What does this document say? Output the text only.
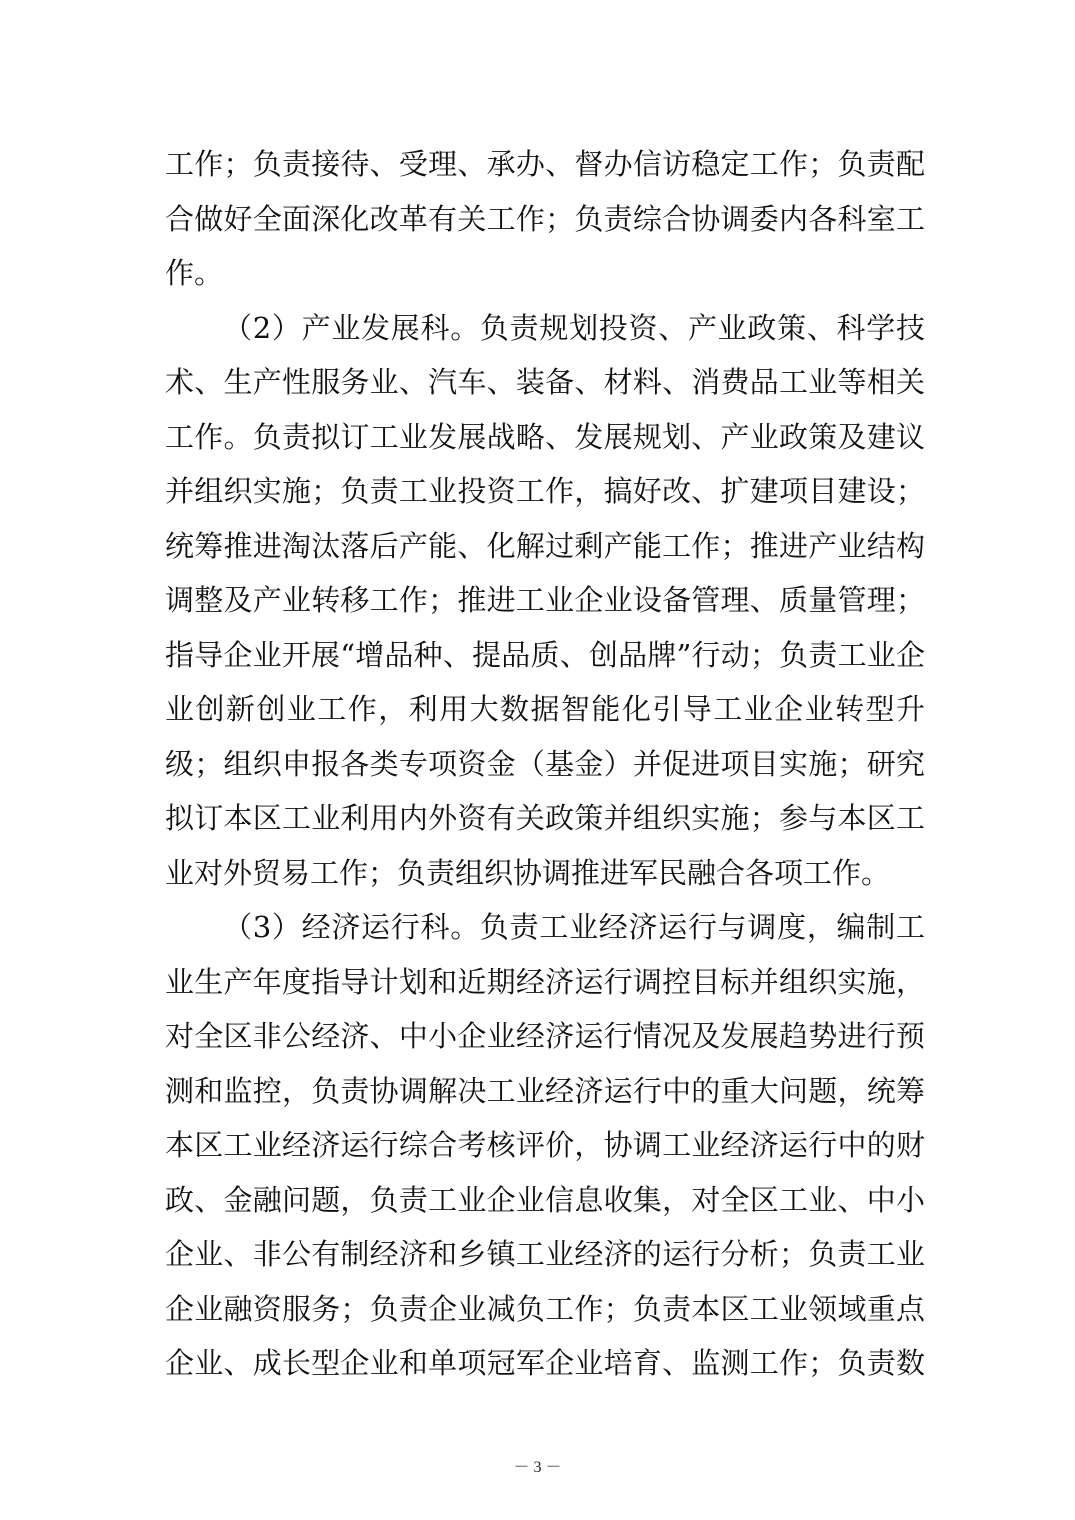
工作；负责接待、受理、承办、督办信访稳定工作；负责配
合做好全面深化改革有关工作；负责综合协调委内各科室工
作。
（2）产业发展科。负责规划投资、产业政策、科学技
术、生产性服务业、汽车、装备、材料、消费品工业等相关
工作。负责拟订工业发展战略、发展规划、产业政策及建议
并组织实施；负责工业投资工作，搞好改、扩建项目建设；
统筹推进淘汰落后产能、化解过剩产能工作；推进产业结构
调整及产业转移工作；推进工业企业设备管理、质量管理；
指导企业开展“增品种、提品质、创品牌”行动；负责工业企
业创新创业工作，利用大数据智能化引导工业企业转型升
级；组织申报各类专项资金（基金）并促进项目实施；研究
拟订本区工业利用内外资有关政策并组织实施；参与本区工
业对外贸易工作；负责组织协调推进军民融合各项工作。
（3）经济运行科。负责工业经济运行与调度，编制工
业生产年度指导计划和近期经济运行调控目标并组织实施，
对全区非公经济、中小企业经济运行情况及发展趋势进行预
测和监控，负责协调解决工业经济运行中的重大问题，统筹
本区工业经济运行综合考核评价，协调工业经济运行中的财
政、金融问题，负责工业企业信息收集，对全区工业、中小
企业、非公有制经济和乡镇工业经济的运行分析；负责工业
企业融资服务；负责企业减负工作；负责本区工业领域重点
企业、成长型企业和单项冠军企业培育、监测工作；负责数
－ 3 －
